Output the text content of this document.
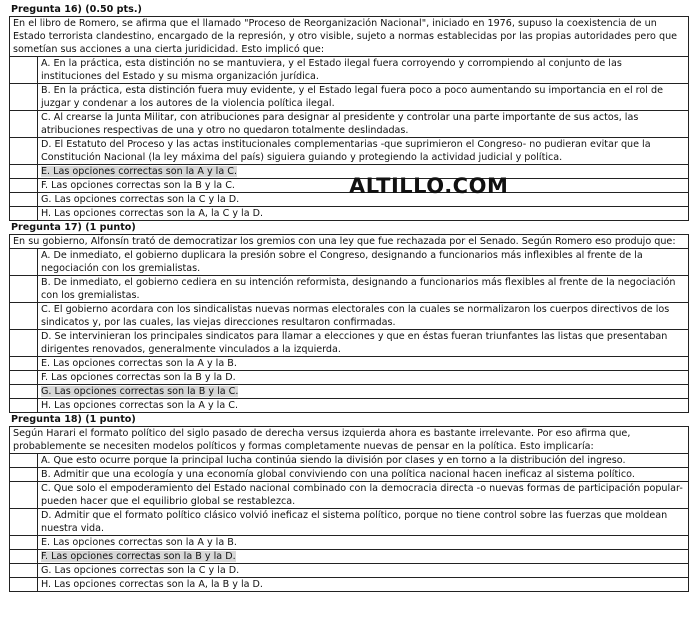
Pregunta 16) (0.50 pts.)
En el libro de Romero, se afirma que el llamado "Proceso de Reorganización Nacional", iniciado en 1976, supuso la coexistencia de un Estado terrorista clandestino, encargado de la represión, y otro visible, sujeto a normas establecidas por las propias autoridades pero que sometían sus acciones a una cierta juridicidad. Esto implicó que:
A. En la práctica, esta distinción no se mantuviera, y el Estado ilegal fuera corroyendo y corrompiendo al conjunto de las instituciones del Estado y su misma organización jurídica.
B. En la práctica, esta distinción fuera muy evidente, y el Estado legal fuera poco a poco aumentando su importancia en el rol de juzgar y condenar a los autores de la violencia política ilegal.
C. Al crearse la Junta Militar, con atribuciones para designar al presidente y controlar una parte importante de sus actos, las atribuciones respectivas de una y otro no quedaron totalmente deslindadas.
D. El Estatuto del Proceso y las actas institucionales complementarias -que suprimieron el Congreso- no pudieran evitar que la Constitución Nacional (la ley máxima del país) siguiera guiando y protegiendo la actividad judicial y política.
E. Las opciones correctas son la A y la C.
F. Las opciones correctas son la B y la C.
G. Las opciones correctas son la C y la D.
H. Las opciones correctas son la A, la C y la D.
Pregunta 17) (1 punto)
En su gobierno, Alfonsín trató de democratizar los gremios con una ley que fue rechazada por el Senado. Según Romero eso produjo que:
A. De inmediato, el gobierno duplicara la presión sobre el Congreso, designando a funcionarios más inflexibles al frente de la negociación con los gremialistas.
B. De inmediato, el gobierno cediera en su intención reformista, designando a funcionarios más flexibles al frente de la negociación con los gremialistas.
C. El gobierno acordara con los sindicalistas nuevas normas electorales con la cuales se normalizaron los cuerpos directivos de los sindicatos y, por las cuales, las viejas direcciones resultaron confirmadas.
D. Se intervinieran los principales sindicatos para llamar a elecciones y que en éstas fueran triunfantes las listas que presentaban dirigentes renovados, generalmente vinculados a la izquierda.
E. Las opciones correctas son la A y la B.
F. Las opciones correctas son la B y la D.
G. Las opciones correctas son la B y la C.
H. Las opciones correctas son la A y la C.
Pregunta 18) (1 punto)
Según Harari el formato político del siglo pasado de derecha versus izquierda ahora es bastante irrelevante. Por eso afirma que, probablemente se necesiten modelos políticos y formas completamente nuevas de pensar en la política. Esto implicaría:
A. Que esto ocurre porque la principal lucha continúa siendo la división por clases y en torno a la distribución del ingreso.
B. Admitir que una ecología y una economía global conviviendo con una política nacional hacen ineficaz al sistema político.
C. Que solo el empoderamiento del Estado nacional combinado con la democracia directa -o nuevas formas de participación popular- pueden hacer que el equilibrio global se restablezca.
D. Admitir que el formato político clásico volvió ineficaz el sistema político, porque no tiene control sobre las fuerzas que moldean nuestra vida.
E. Las opciones correctas son la A y la B.
F. Las opciones correctas son la B y la D.
G. Las opciones correctas son la C y la D.
H. Las opciones correctas son la A, la B y la D.
ALTILLO.COM
